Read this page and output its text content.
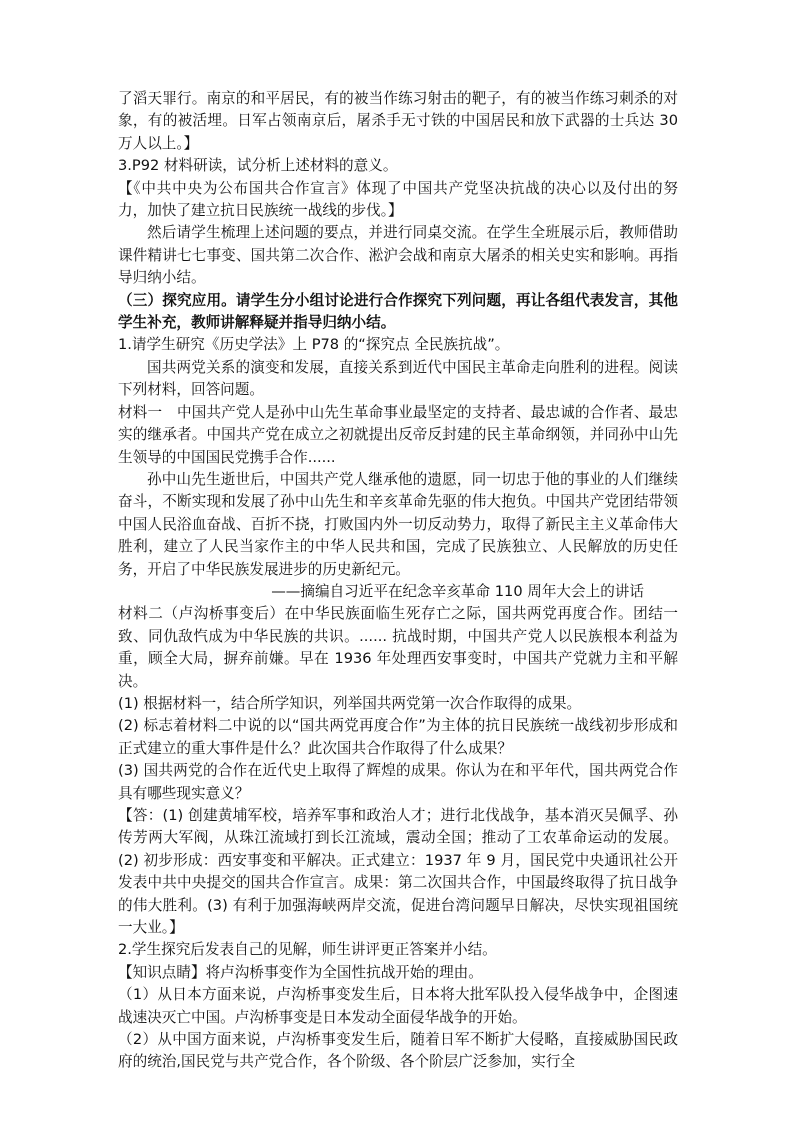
了滔天罪行。南京的和平居民，有的被当作练习射击的靶子，有的被当作练习刺杀的对象，有的被活埋。日军占领南京后，屠杀手无寸铁的中国居民和放下武器的士兵达 30 万人以上。】

3.P92 材料研读，试分析上述材料的意义。

【《中共中央为公布国共合作宣言》体现了中国共产党坚决抗战的决心以及付出的努力，加快了建立抗日民族统一战线的步伐。】

然后请学生梳理上述问题的要点，并进行同桌交流。在学生全班展示后，教师借助课件精讲七七事变、国共第二次合作、淞沪会战和南京大屠杀的相关史实和影响。再指导归纳小结。

（三）探究应用。请学生分小组讨论进行合作探究下列问题，再让各组代表发言，其他学生补充，教师讲解释疑并指导归纳小结。

1.请学生研究《历史学法》上 P78 的“探究点 全民族抗战”。

国共两党关系的演变和发展，直接关系到近代中国民主革命走向胜利的进程。阅读下列材料，回答问题。

材料一　中国共产党人是孙中山先生革命事业最坚定的支持者、最忠诚的合作者、最忠实的继承者。中国共产党在成立之初就提出反帝反封建的民主革命纲领，并同孙中山先生领导的中国国民党携手合作......

孙中山先生逝世后，中国共产党人继承他的遗愿，同一切忠于他的事业的人们继续奋斗，不断实现和发展了孙中山先生和辛亥革命先驱的伟大抱负。中国共产党团结带领中国人民浴血奋战、百折不挠，打败国内外一切反动势力，取得了新民主主义革命伟大胜利，建立了人民当家作主的中华人民共和国，完成了民族独立、人民解放的历史任务，开启了中华民族发展进步的历史新纪元。

——摘编自习近平在纪念辛亥革命 110 周年大会上的讲话

材料二（卢沟桥事变后）在中华民族面临生死存亡之际，国共两党再度合作。团结一致、同仇敌忾成为中华民族的共识。...... 抗战时期，中国共产党人以民族根本利益为重，顾全大局，摒弃前嫌。早在 1936 年处理西安事变时，中国共产党就力主和平解决。

(1) 根据材料一，结合所学知识，列举国共两党第一次合作取得的成果。

(2) 标志着材料二中说的以“国共两党再度合作”为主体的抗日民族统一战线初步形成和正式建立的重大事件是什么？此次国共合作取得了什么成果？

(3) 国共两党的合作在近代史上取得了辉煌的成果。你认为在和平年代，国共两党合作具有哪些现实意义？

【答：(1) 创建黄埔军校，培养军事和政治人才；进行北伐战争，基本消灭吴佩孚、孙传芳两大军阀，从珠江流域打到长江流域，震动全国；推动了工农革命运动的发展。(2) 初步形成：西安事变和平解决。正式建立：1937 年 9 月，国民党中央通讯社公开发表中共中央提交的国共合作宣言。成果：第二次国共合作，中国最终取得了抗日战争的伟大胜利。(3) 有利于加强海峡两岸交流，促进台湾问题早日解决，尽快实现祖国统一大业。】

2.学生探究后发表自己的见解，师生讲评更正答案并小结。

【知识点睛】将卢沟桥事变作为全国性抗战开始的理由。

（1）从日本方面来说，卢沟桥事变发生后，日本将大批军队投入侵华战争中，企图速战速决灭亡中国。卢沟桥事变是日本发动全面侵华战争的开始。

（2）从中国方面来说，卢沟桥事变发生后，随着日军不断扩大侵略，直接威胁国民政府的统治,国民党与共产党合作，各个阶级、各个阶层广泛参加，实行全
